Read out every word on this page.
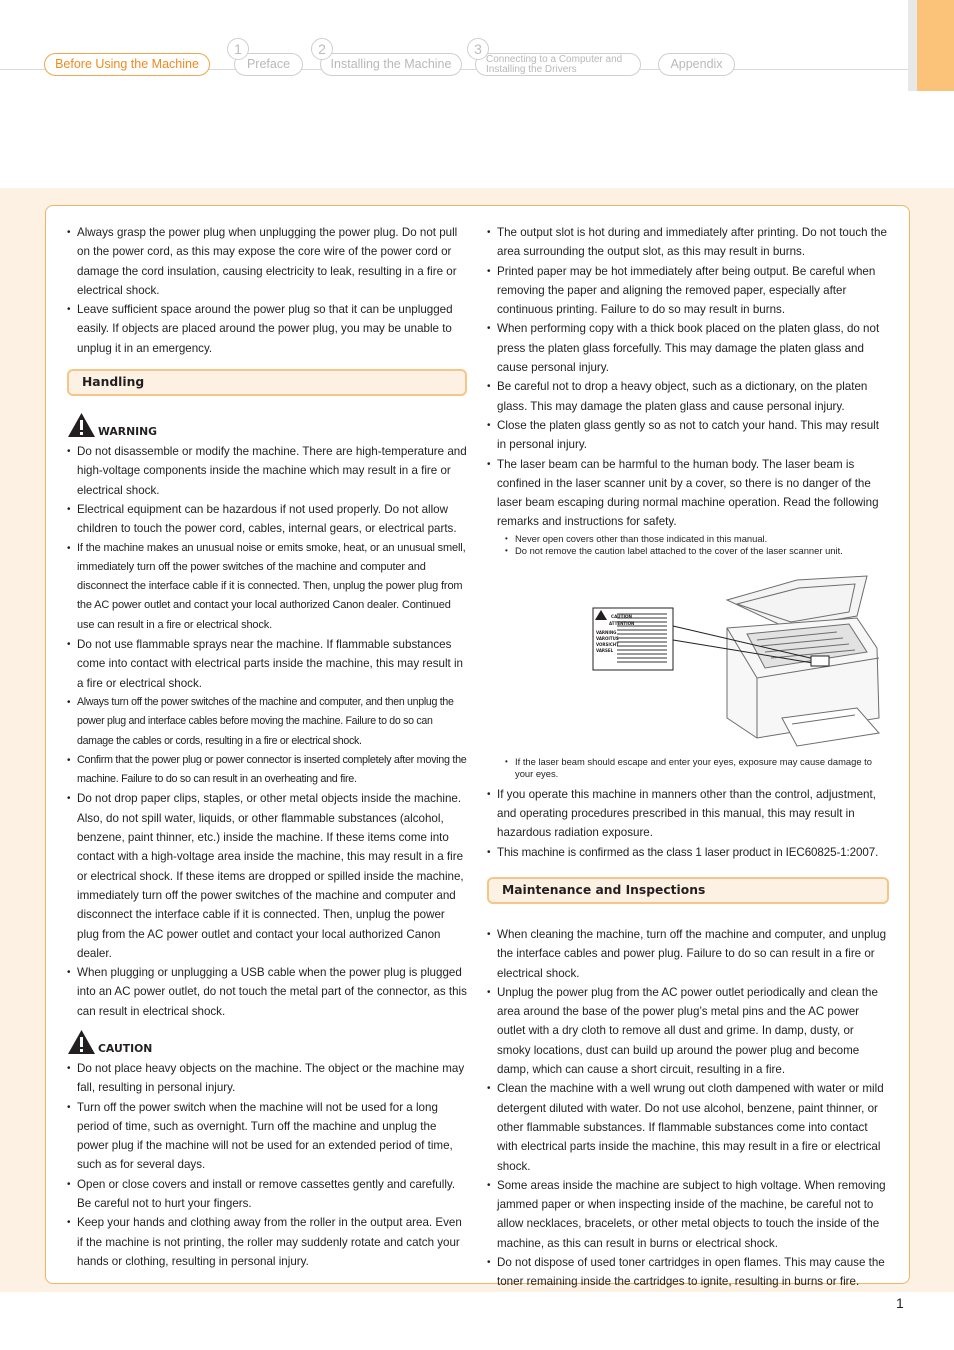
Before Using the Machine	Preface
1
Installing the Machine
2
Connecting to a Computer and
Installing the Drivers
3
Appendix
• Always grasp the power plug when unplugging the power plug. Do not pull on the power cord, as this may expose the core wire of the power cord or damage the cord insulation, causing electricity to leak, resulting in a fire or electrical shock.
• Leave sufficient space around the power plug so that it can be unplugged easily. If objects are placed around the power plug, you may be unable to unplug it in an emergency.
Handling
WARNING
• Do not disassemble or modify the machine. There are high-temperature and high-voltage components inside the machine which may result in a fire or electrical shock.
• Electrical equipment can be hazardous if not used properly. Do not allow children to touch the power cord, cables, internal gears, or electrical parts.
• If the machine makes an unusual noise or emits smoke, heat, or an unusual smell, immediately turn off the power switches of the machine and computer and disconnect the interface cable if it is connected. Then, unplug the power plug from the AC power outlet and contact your local authorized Canon dealer. Continued use can result in a fire or electrical shock.
• Do not use flammable sprays near the machine. If flammable substances come into contact with electrical parts inside the machine, this may result in a fire or electrical shock.
• Always turn off the power switches of the machine and computer, and then unplug the power plug and interface cables before moving the machine. Failure to do so can damage the cables or cords, resulting in a fire or electrical shock.
• Confirm that the power plug or power connector is inserted completely after moving the machine. Failure to do so can result in an overheating and fire.
• Do not drop paper clips, staples, or other metal objects inside the machine. Also, do not spill water, liquids, or other flammable substances (alcohol, benzene, paint thinner, etc.) inside the machine. If these items come into contact with a high-voltage area inside the machine, this may result in a fire or electrical shock. If these items are dropped or spilled inside the machine, immediately turn off the power switches of the machine and computer and disconnect the interface cable if it is connected. Then, unplug the power plug from the AC power outlet and contact your local authorized Canon dealer.
• When plugging or unplugging a USB cable when the power plug is plugged into an AC power outlet, do not touch the metal part of the connector, as this can result in electrical shock.
CAUTION
• Do not place heavy objects on the machine. The object or the machine may fall, resulting in personal injury.
• Turn off the power switch when the machine will not be used for a long period of time, such as overnight. Turn off the machine and unplug the power plug if the machine will not be used for an extended period of time, such as for several days.
• Open or close covers and install or remove cassettes gently and carefully. Be careful not to hurt your fingers.
• Keep your hands and clothing away from the roller in the output area. Even if the machine is not printing, the roller may suddenly rotate and catch your hands or clothing, resulting in personal injury.
• The output slot is hot during and immediately after printing. Do not touch the area surrounding the output slot, as this may result in burns.
• Printed paper may be hot immediately after being output. Be careful when removing the paper and aligning the removed paper, especially after continuous printing. Failure to do so may result in burns.
• When performing copy with a thick book placed on the platen glass, do not press the platen glass forcefully. This may damage the platen glass and cause personal injury.
• Be careful not to drop a heavy object, such as a dictionary, on the platen glass. This may damage the platen glass and cause personal injury.
• Close the platen glass gently so as not to catch your hand. This may result in personal injury.
• The laser beam can be harmful to the human body. The laser beam is confined in the laser scanner unit by a cover, so there is no danger of the laser beam escaping during normal machine operation. Read the following remarks and instructions for safety.
• Never open covers other than those indicated in this manual.
• Do not remove the caution label attached to the cover of the laser scanner unit.
CAUTION
ATTENTION
VARNING
VAROITUS
VORSICHT
VARSEL
• If the laser beam should escape and enter your eyes, exposure may cause damage to your eyes.
• If you operate this machine in manners other than the control, adjustment, and operating procedures prescribed in this manual, this may result in hazardous radiation exposure.
• This machine is confirmed as the class 1 laser product in IEC60825-1:2007.
Maintenance and Inspections
• When cleaning the machine, turn off the machine and computer, and unplug the interface cables and power plug. Failure to do so can result in a fire or electrical shock.
• Unplug the power plug from the AC power outlet periodically and clean the area around the base of the power plug’s metal pins and the AC power outlet with a dry cloth to remove all dust and grime. In damp, dusty, or smoky locations, dust can build up around the power plug and become damp, which can cause a short circuit, resulting in a fire.
• Clean the machine with a well wrung out cloth dampened with water or mild detergent diluted with water. Do not use alcohol, benzene, paint thinner, or other flammable substances. If flammable substances come into contact with electrical parts inside the machine, this may result in a fire or electrical shock.
• Some areas inside the machine are subject to high voltage. When removing jammed paper or when inspecting inside of the machine, be careful not to allow necklaces, bracelets, or other metal objects to touch the inside of the machine, as this can result in burns or electrical shock.
• Do not dispose of used toner cartridges in open flames. This may cause the toner remaining inside the cartridges to ignite, resulting in burns or fire.
1
